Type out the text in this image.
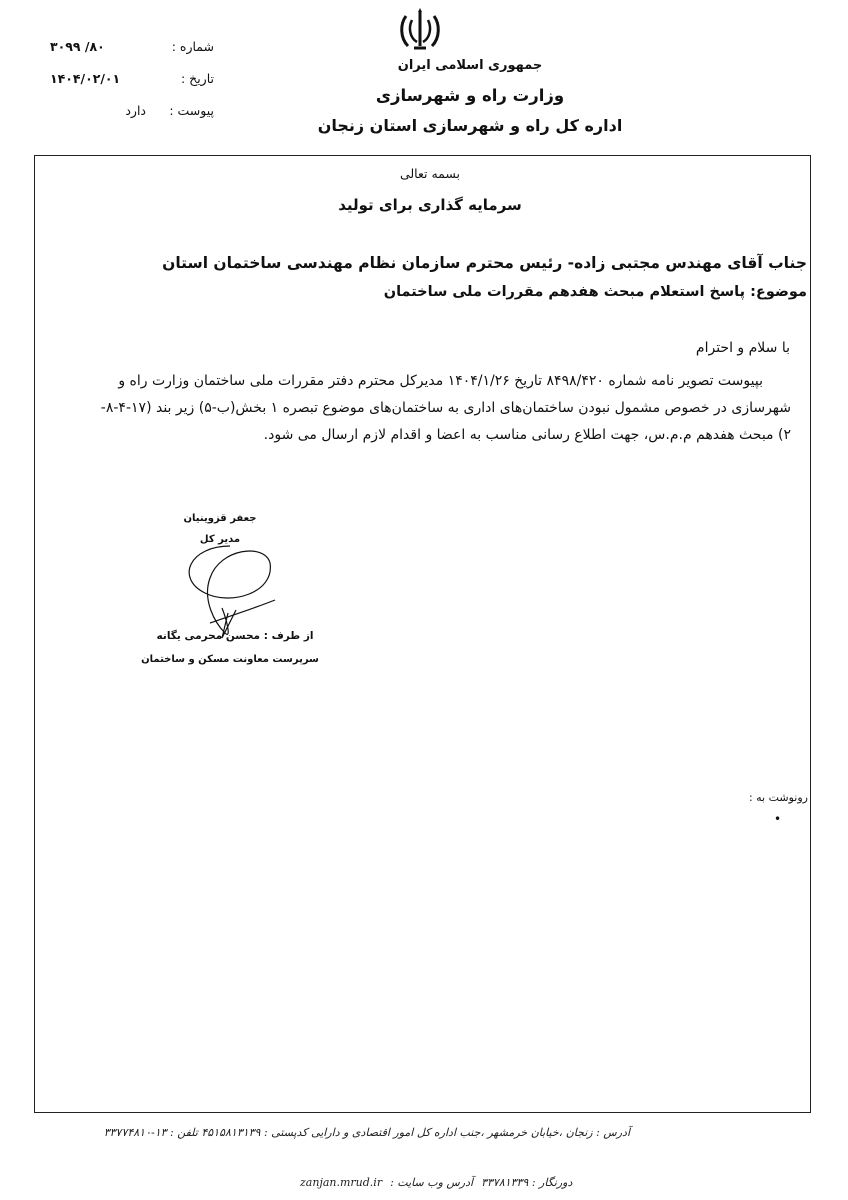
شماره :
۸۰/ ۳۰۹۹
تاریخ :
۱۴۰۴/۰۲/۰۱
پیوست :
دارد
جمهوری اسلامی ایران
وزارت راه و شهرسازی
اداره کل راه و شهرسازی استان زنجان
بسمه تعالی
سرمایه گذاری برای تولید
جناب آقای مهندس مجتبی زاده- رئیس محترم سازمان نظام مهندسی ساختمان استان
موضوع: پاسخ استعلام مبحث هفدهم مقررات ملی ساختمان
با سلام و احترام
بپیوست تصویر نامه شماره ۸۴۹۸/۴۲۰ تاریخ ۱۴۰۴/۱/۲۶ مدیرکل محترم دفتر مقررات ملی ساختمان وزارت راه و
شهرسازی در خصوص مشمول نبودن ساختمان‌های اداری به ساختمان‌های موضوع تبصره ۱ بخش(ب-۵) زیر بند (۱۷-۴-۸-
۲) مبحث هفدهم م.م.س، جهت اطلاع رسانی مناسب به اعضا و اقدام لازم ارسال می شود.
جعفر قزوینیان
مدیر کل
از طرف : محسن محرمی یگانه
سرپرست معاونت مسکن و ساختمان
رونوشت به :
•
آدرس : زنجان ،خیابان خرمشهر ،جنب اداره کل امور اقتصادی و دارایی کدپستی : ۴۵۱۵۸۱۳۱۳۹ تلفن : ۱۳-۳۳۷۷۴۸۱۰
دورنگار : ۳۳۷۸۱۳۳۹
آدرس وب سایت :
zanjan.mrud.ir
